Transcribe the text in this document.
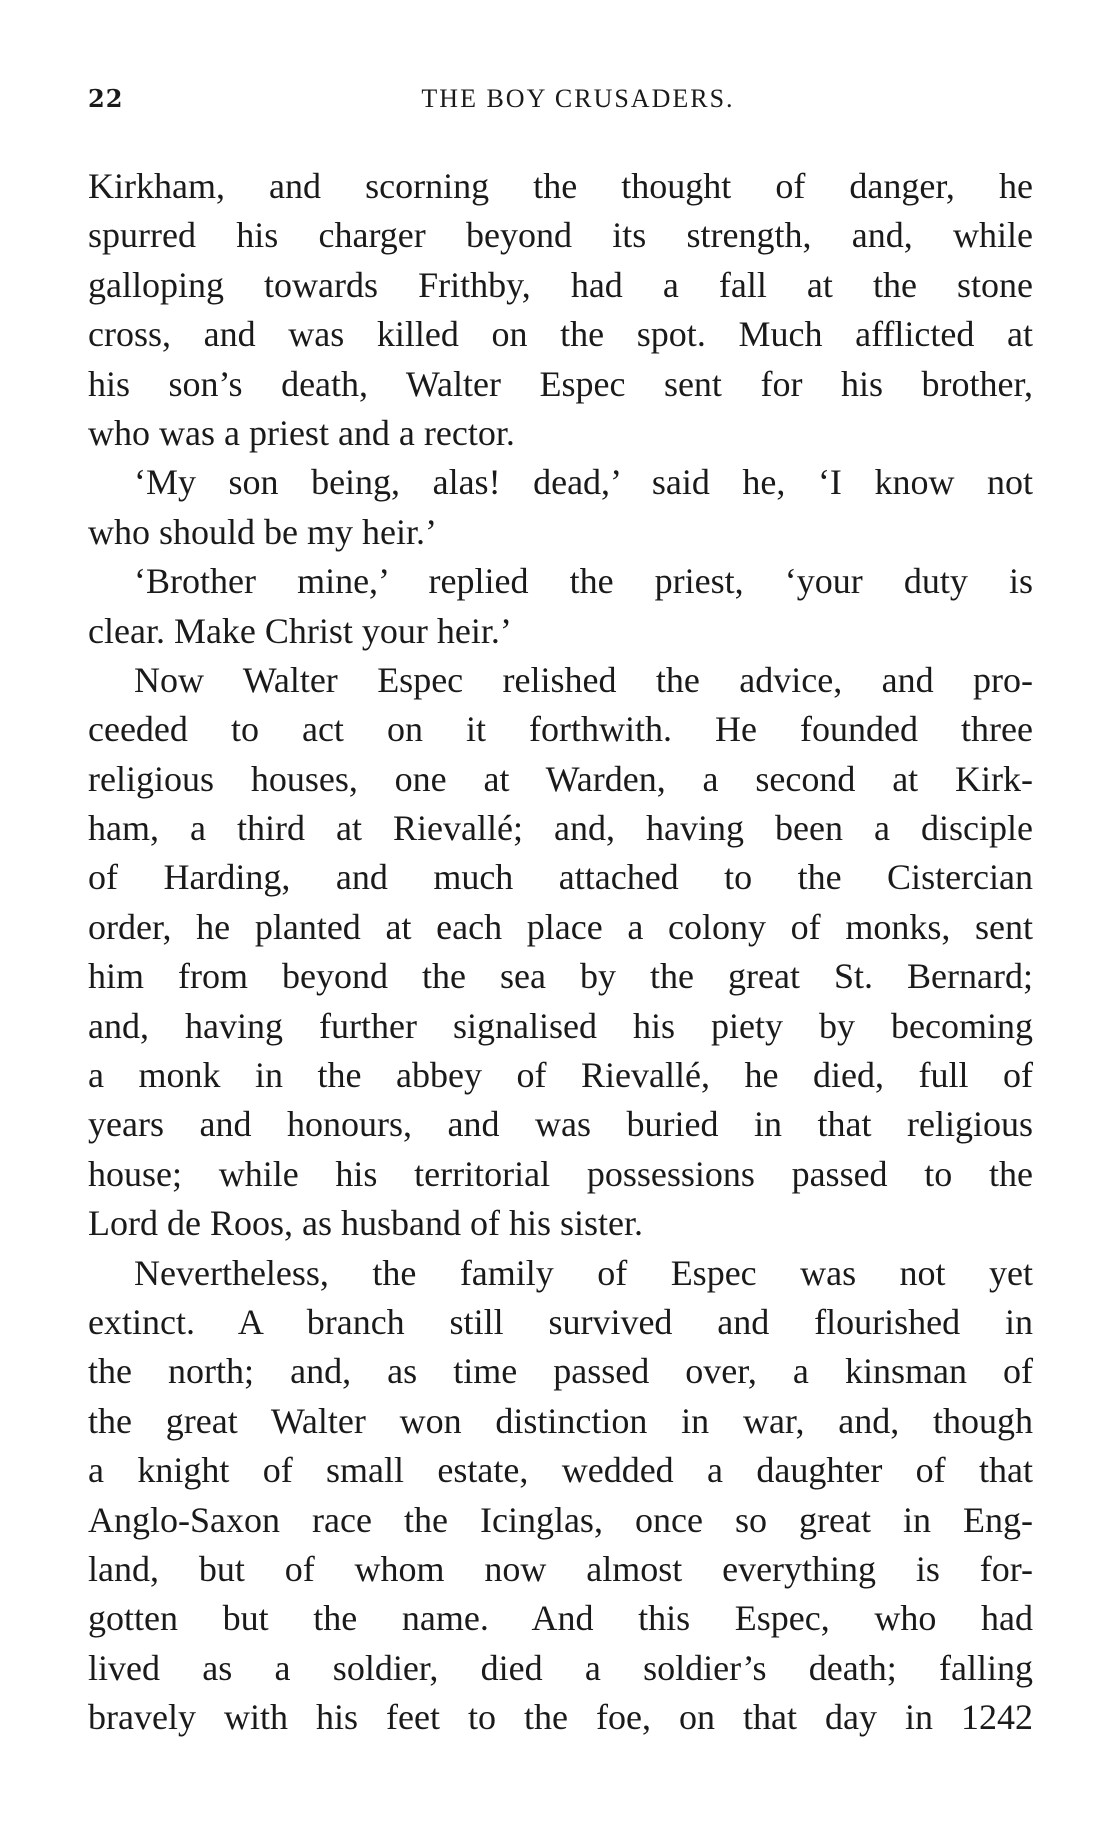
22	THE BOY CRUSADERS.

Kirkham, and scorning the thought of danger, he
spurred his charger beyond its strength, and, while
galloping towards Frithby, had a fall at the stone
cross, and was killed on the spot. Much afflicted at
his son’s death, Walter Espec sent for his brother,
who was a priest and a rector.

‘My son being, alas! dead,’ said he, ‘I know not
who should be my heir.’

‘Brother mine,’ replied the priest, ‘your duty is
clear. Make Christ your heir.’

Now Walter Espec relished the advice, and pro-
ceeded to act on it forthwith. He founded three
religious houses, one at Warden, a second at Kirk-
ham, a third at Rievallé; and, having been a disciple
of Harding, and much attached to the Cistercian
order, he planted at each place a colony of monks, sent
him from beyond the sea by the great St. Bernard;
and, having further signalised his piety by becoming
a monk in the abbey of Rievallé, he died, full of
years and honours, and was buried in that religious
house; while his territorial possessions passed to the
Lord de Roos, as husband of his sister.

Nevertheless, the family of Espec was not yet
extinct. A branch still survived and flourished in
the north; and, as time passed over, a kinsman of
the great Walter won distinction in war, and, though
a knight of small estate, wedded a daughter of that
Anglo-Saxon race the Icinglas, once so great in Eng-
land, but of whom now almost everything is for-
gotten but the name. And this Espec, who had
lived as a soldier, died a soldier’s death; falling
bravely with his feet to the foe, on that day in 1242
